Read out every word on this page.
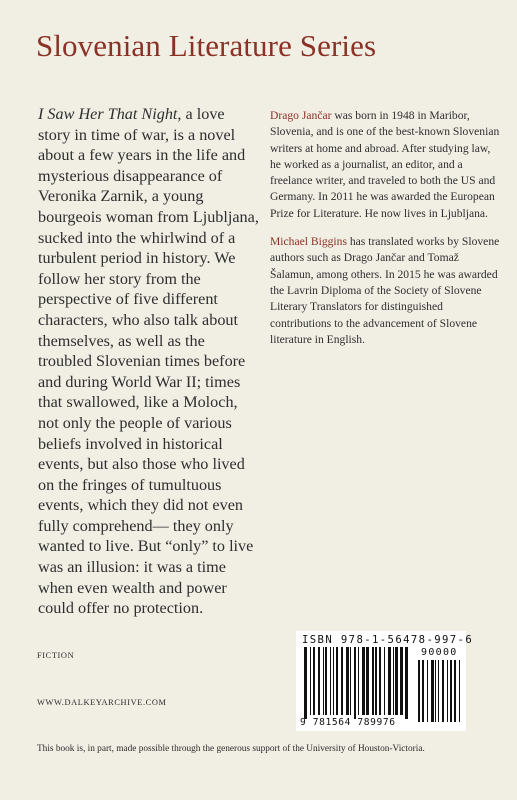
Slovenian Literature Series

I Saw Her That Night, a love story in time of war, is a novel about a few years in the life and mysterious disappearance of Veronika Zarnik, a young bourgeois woman from Ljubljana, sucked into the whirlwind of a turbulent period in history. We follow her story from the perspective of five different characters, who also talk about themselves, as well as the troubled Slovenian times before and during World War II; times that swallowed, like a Moloch, not only the people of various beliefs involved in historical events, but also those who lived on the fringes of tumultuous events, which they did not even fully comprehend— they only wanted to live. But “only” to live was an illusion: it was a time when even wealth and power could offer no protection.

Drago Jančar was born in 1948 in Maribor, Slovenia, and is one of the best-known Slovenian writers at home and abroad. After studying law, he worked as a journalist, an editor, and a freelance writer, and traveled to both the US and Germany. In 2011 he was awarded the European Prize for Literature. He now lives in Ljubljana.

Michael Biggins has translated works by Slovene authors such as Drago Jančar and Tomaž Šalamun, among others. In 2015 he was awarded the Lavrin Diploma of the Society of Slovene Literary Translators for distinguished contributions to the advancement of Slovene literature in English.

FICTION
WWW.DALKEYARCHIVE.COM
ISBN 978-1-56478-997-6
90000
9 781564 789976
This book is, in part, made possible through the generous support of the University of Houston-Victoria.
